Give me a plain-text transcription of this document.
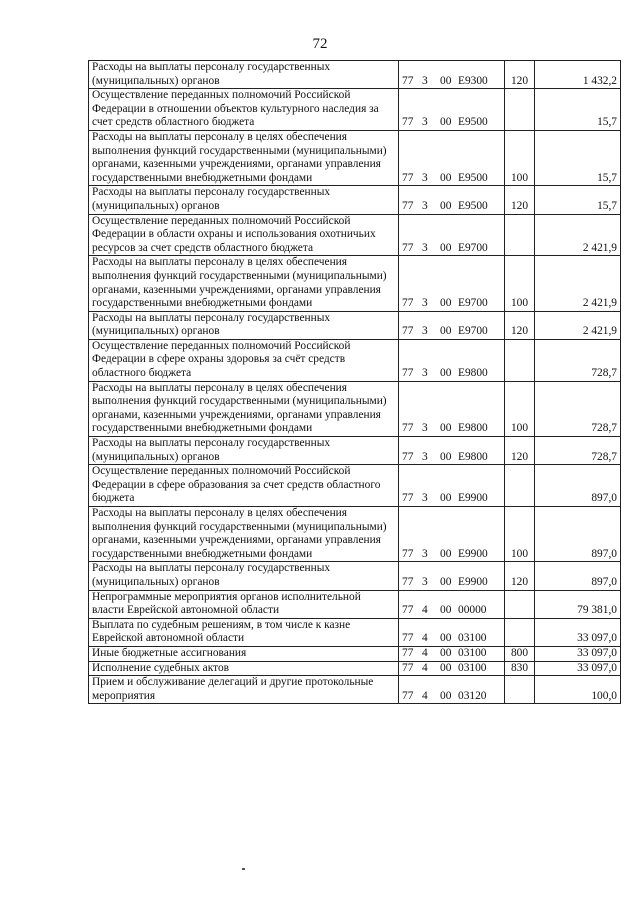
72
Расходы на выплаты персоналу государственных (муниципальных) органов	77 3 00 E9300	120	1 432,2
Осуществление переданных полномочий Российской Федерации в отношении объектов культурного наследия за счет средств областного бюджета	77 3 00 E9500		15,7
Расходы на выплаты персоналу в целях обеспечения выполнения функций государственными (муниципальными) органами, казенными учреждениями, органами управления государственными внебюджетными фондами	77 3 00 E9500	100	15,7
Расходы на выплаты персоналу государственных (муниципальных) органов	77 3 00 E9500	120	15,7
Осуществление переданных полномочий Российской Федерации в области охраны и использования охотничьих ресурсов за счет средств областного бюджета	77 3 00 E9700		2 421,9
Расходы на выплаты персоналу в целях обеспечения выполнения функций государственными (муниципальными) органами, казенными учреждениями, органами управления государственными внебюджетными фондами	77 3 00 E9700	100	2 421,9
Расходы на выплаты персоналу государственных (муниципальных) органов	77 3 00 E9700	120	2 421,9
Осуществление переданных полномочий Российской Федерации в сфере охраны здоровья за счёт средств областного бюджета	77 3 00 E9800		728,7
Расходы на выплаты персоналу в целях обеспечения выполнения функций государственными (муниципальными) органами, казенными учреждениями, органами управления государственными внебюджетными фондами	77 3 00 E9800	100	728,7
Расходы на выплаты персоналу государственных (муниципальных) органов	77 3 00 E9800	120	728,7
Осуществление переданных полномочий Российской Федерации в сфере образования за счет средств областного бюджета	77 3 00 E9900		897,0
Расходы на выплаты персоналу в целях обеспечения выполнения функций государственными (муниципальными) органами, казенными учреждениями, органами управления государственными внебюджетными фондами	77 3 00 E9900	100	897,0
Расходы на выплаты персоналу государственных (муниципальных) органов	77 3 00 E9900	120	897,0
Непрограммные мероприятия органов исполнительной власти Еврейской автономной области	77 4 00 00000		79 381,0
Выплата по судебным решениям, в том числе к казне Еврейской автономной области	77 4 00 03100		33 097,0
Иные бюджетные ассигнования	77 4 00 03100	800	33 097,0
Исполнение судебных актов	77 4 00 03100	830	33 097,0
Прием и обслуживание делегаций и другие протокольные мероприятия	77 4 00 03120		100,0
